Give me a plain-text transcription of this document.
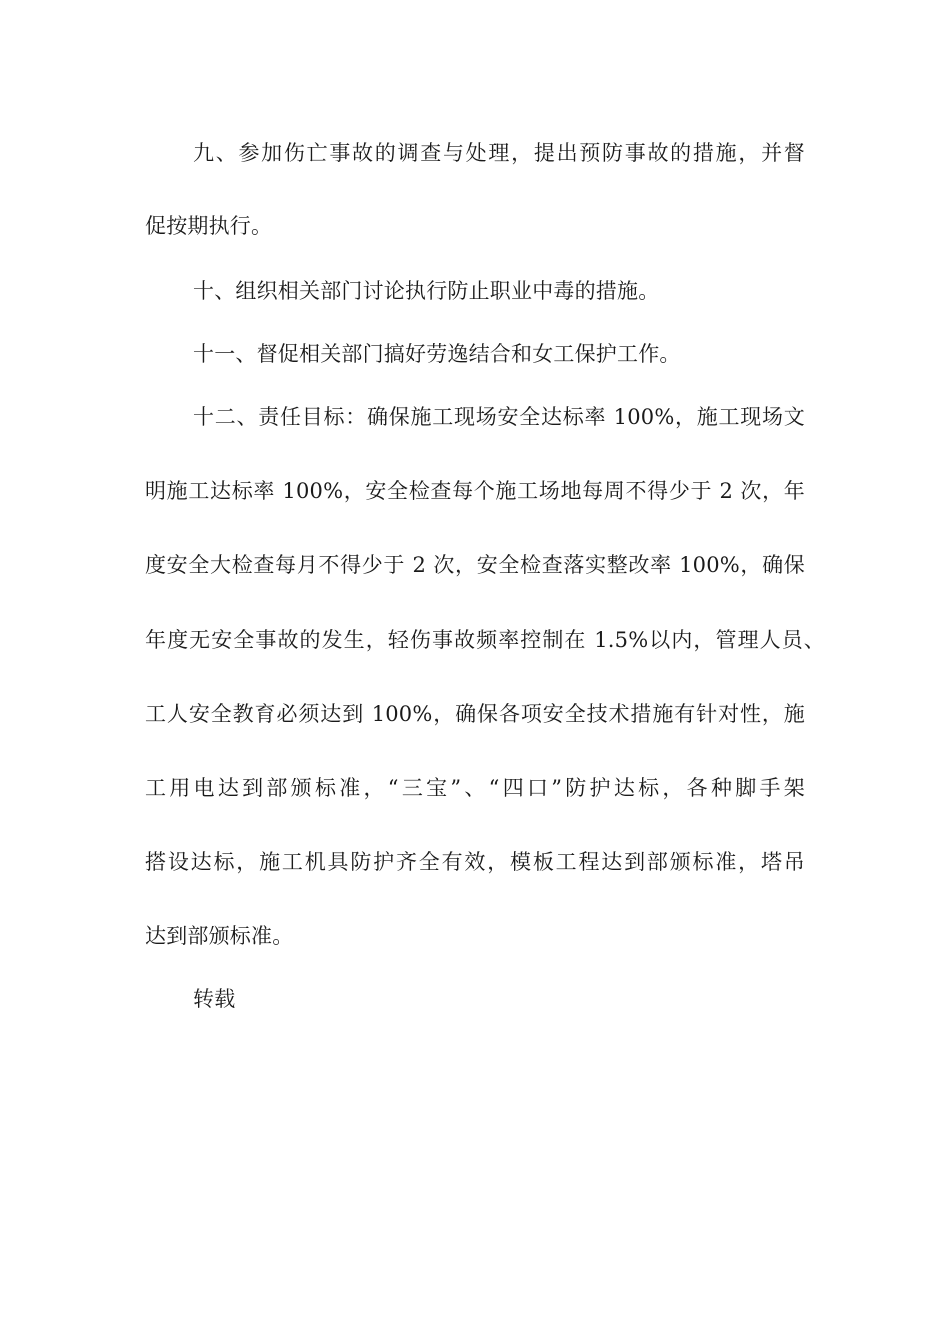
九、参加伤亡事故的调查与处理，提出预防事故的措施，并督
促按期执行。
十、组织相关部门讨论执行防止职业中毒的措施。
十一、督促相关部门搞好劳逸结合和女工保护工作。
十二、责任目标：确保施工现场安全达标率 100%，施工现场文
明施工达标率 100%，安全检查每个施工场地每周不得少于 2 次，年
度安全大检查每月不得少于 2 次，安全检查落实整改率 100%，确保
年度无安全事故的发生，轻伤事故频率控制在 1.5%以内，管理人员、
工人安全教育必须达到 100%，确保各项安全技术措施有针对性，施
工用电达到部颁标准，“三宝”、“四口”防护达标，各种脚手架
搭设达标，施工机具防护齐全有效，模板工程达到部颁标准，塔吊
达到部颁标准。
转载
